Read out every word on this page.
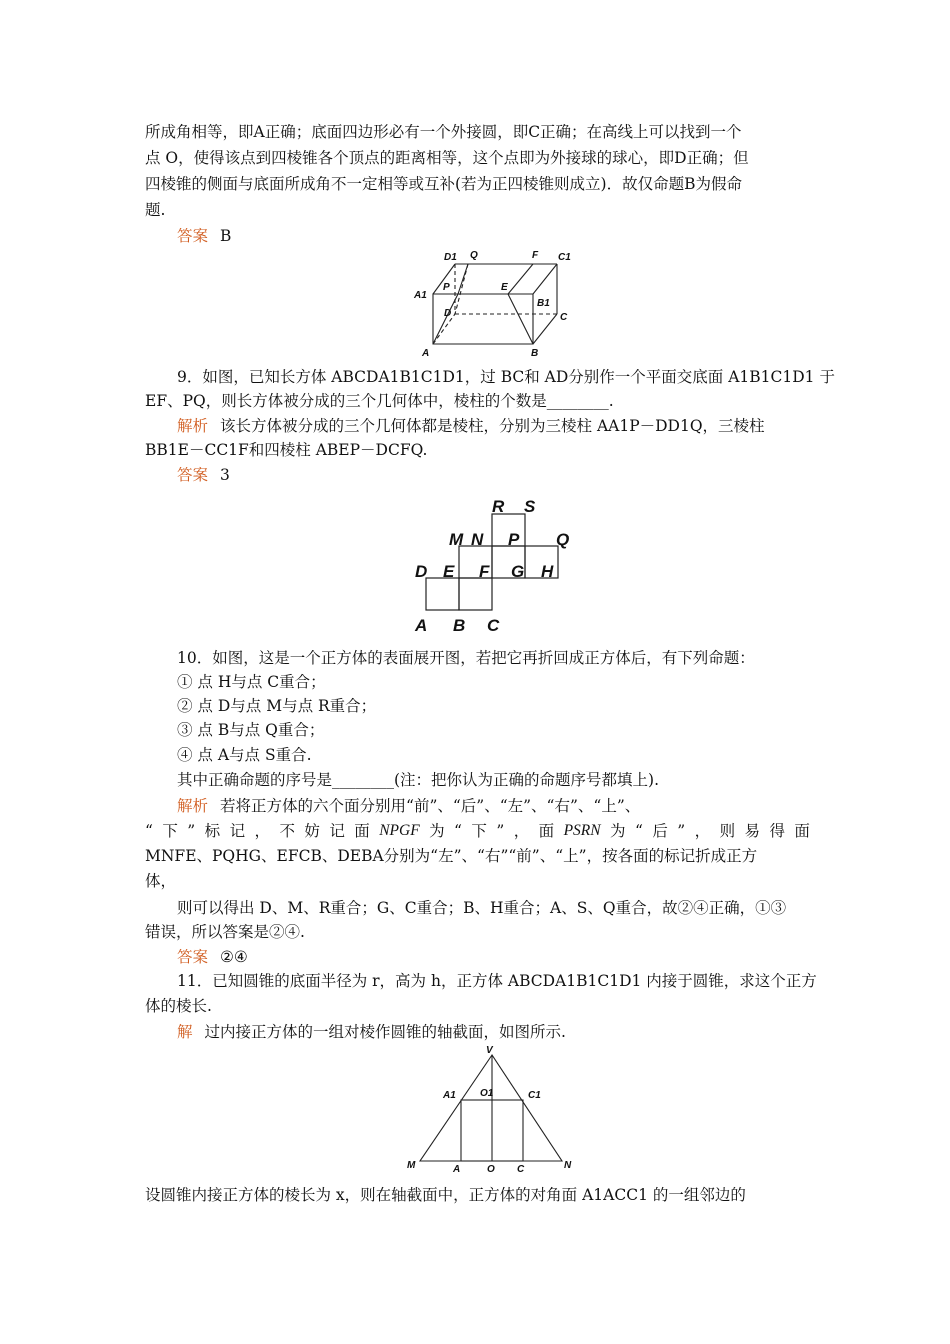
所成角相等，即A正确；底面四边形必有一个外接圆，即C正确；在高线上可以找到一个
点 O，使得该点到四棱锥各个顶点的距离相等，这个点即为外接球的球心，即D正确；但
四棱锥的侧面与底面所成角不一定相等或互补(若为正四棱锥则成立)．故仅命题B为假命
题.
答案 B
D1 Q	F C1
A1
P	E
B1
D	C
A	B
9．如图，已知长方体 ABCDA1B1C1D1，过 BC和 AD分别作一个平面交底面 A1B1C1D1 于
EF、PQ，则长方体被分成的三个几何体中，棱柱的个数是________.
解析 该长方体被分成的三个几何体都是棱柱，分别为三棱柱 AA1P－DD1Q，三棱柱
BB1E－CC1F和四棱柱 ABEP－DCFQ.
答案 3
R S
M N P Q
D E F G H
A B C
10．如图，这是一个正方体的表面展开图，若把它再折回成正方体后，有下列命题：
① 点 H与点 C重合；
② 点 D与点 M与点 R重合；
③ 点 B与点 Q重合；
④ 点 A与点 S重合.
其中正确命题的序号是________(注：把你认为正确的命题序号都填上).
解析 若将正方体的六个面分别用“前”、“后”、“左”、“右”、“上”、
“ 下 ” 标 记 ， 不 妨 记 面 NPGF 为 “ 下 ” ， 面 PSRN 为 “ 后 ” ， 则 易 得 面
MNFE、PQHG、EFCB、DEBA分别为“左”、“右”“前”、“上”，按各面的标记折成正方
体，
则可以得出 D、M、R重合；G、C重合；B、H重合；A、S、Q重合，故②④正确，①③
错误，所以答案是②④.
答案 ②④
11．已知圆锥的底面半径为 r，高为 h，正方体 ABCDA1B1C1D1 内接于圆锥，求这个正方
体的棱长.
解 过内接正方体的一组对棱作圆锥的轴截面，如图所示.
V
A1 O1	C1
M	A	O C	N
设圆锥内接正方体的棱长为 x，则在轴截面中，正方体的对角面 A1ACC1 的一组邻边的
